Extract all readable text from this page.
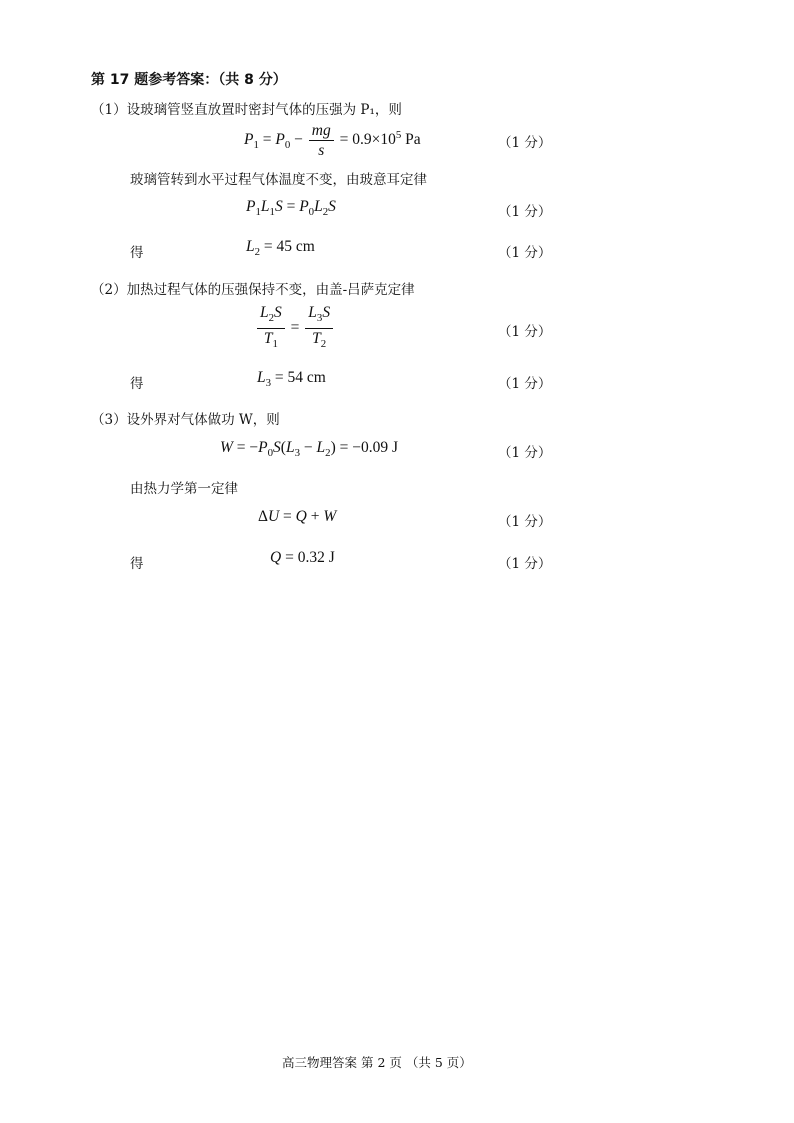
第 17 题参考答案：（共 8 分）
（1）设玻璃管竖直放置时密封气体的压强为 P₁，则
$P_1 = P_0 - \frac{mg}{s} = 0.9\times 10^5$ Pa	（1 分）
玻璃管转到水平过程气体温度不变，由玻意耳定律
$P_1L_1S = P_0L_2S$	（1 分）
得	$L_2 = 45$ cm	（1 分）
（2）加热过程气体的压强保持不变，由盖-吕萨克定律
$\frac{L_2S}{T_1} = \frac{L_3S}{T_2}$	（1 分）
得	$L_3 = 54$ cm	（1 分）
（3）设外界对气体做功 W，则
$W = -P_0S(L_3 - L_2) = -0.09$ J	（1 分）
由热力学第一定律
ΔU = Q + W	（1 分）
得	Q = 0.32 J	（1 分）
高三物理答案 第 2 页 （共 5 页）
